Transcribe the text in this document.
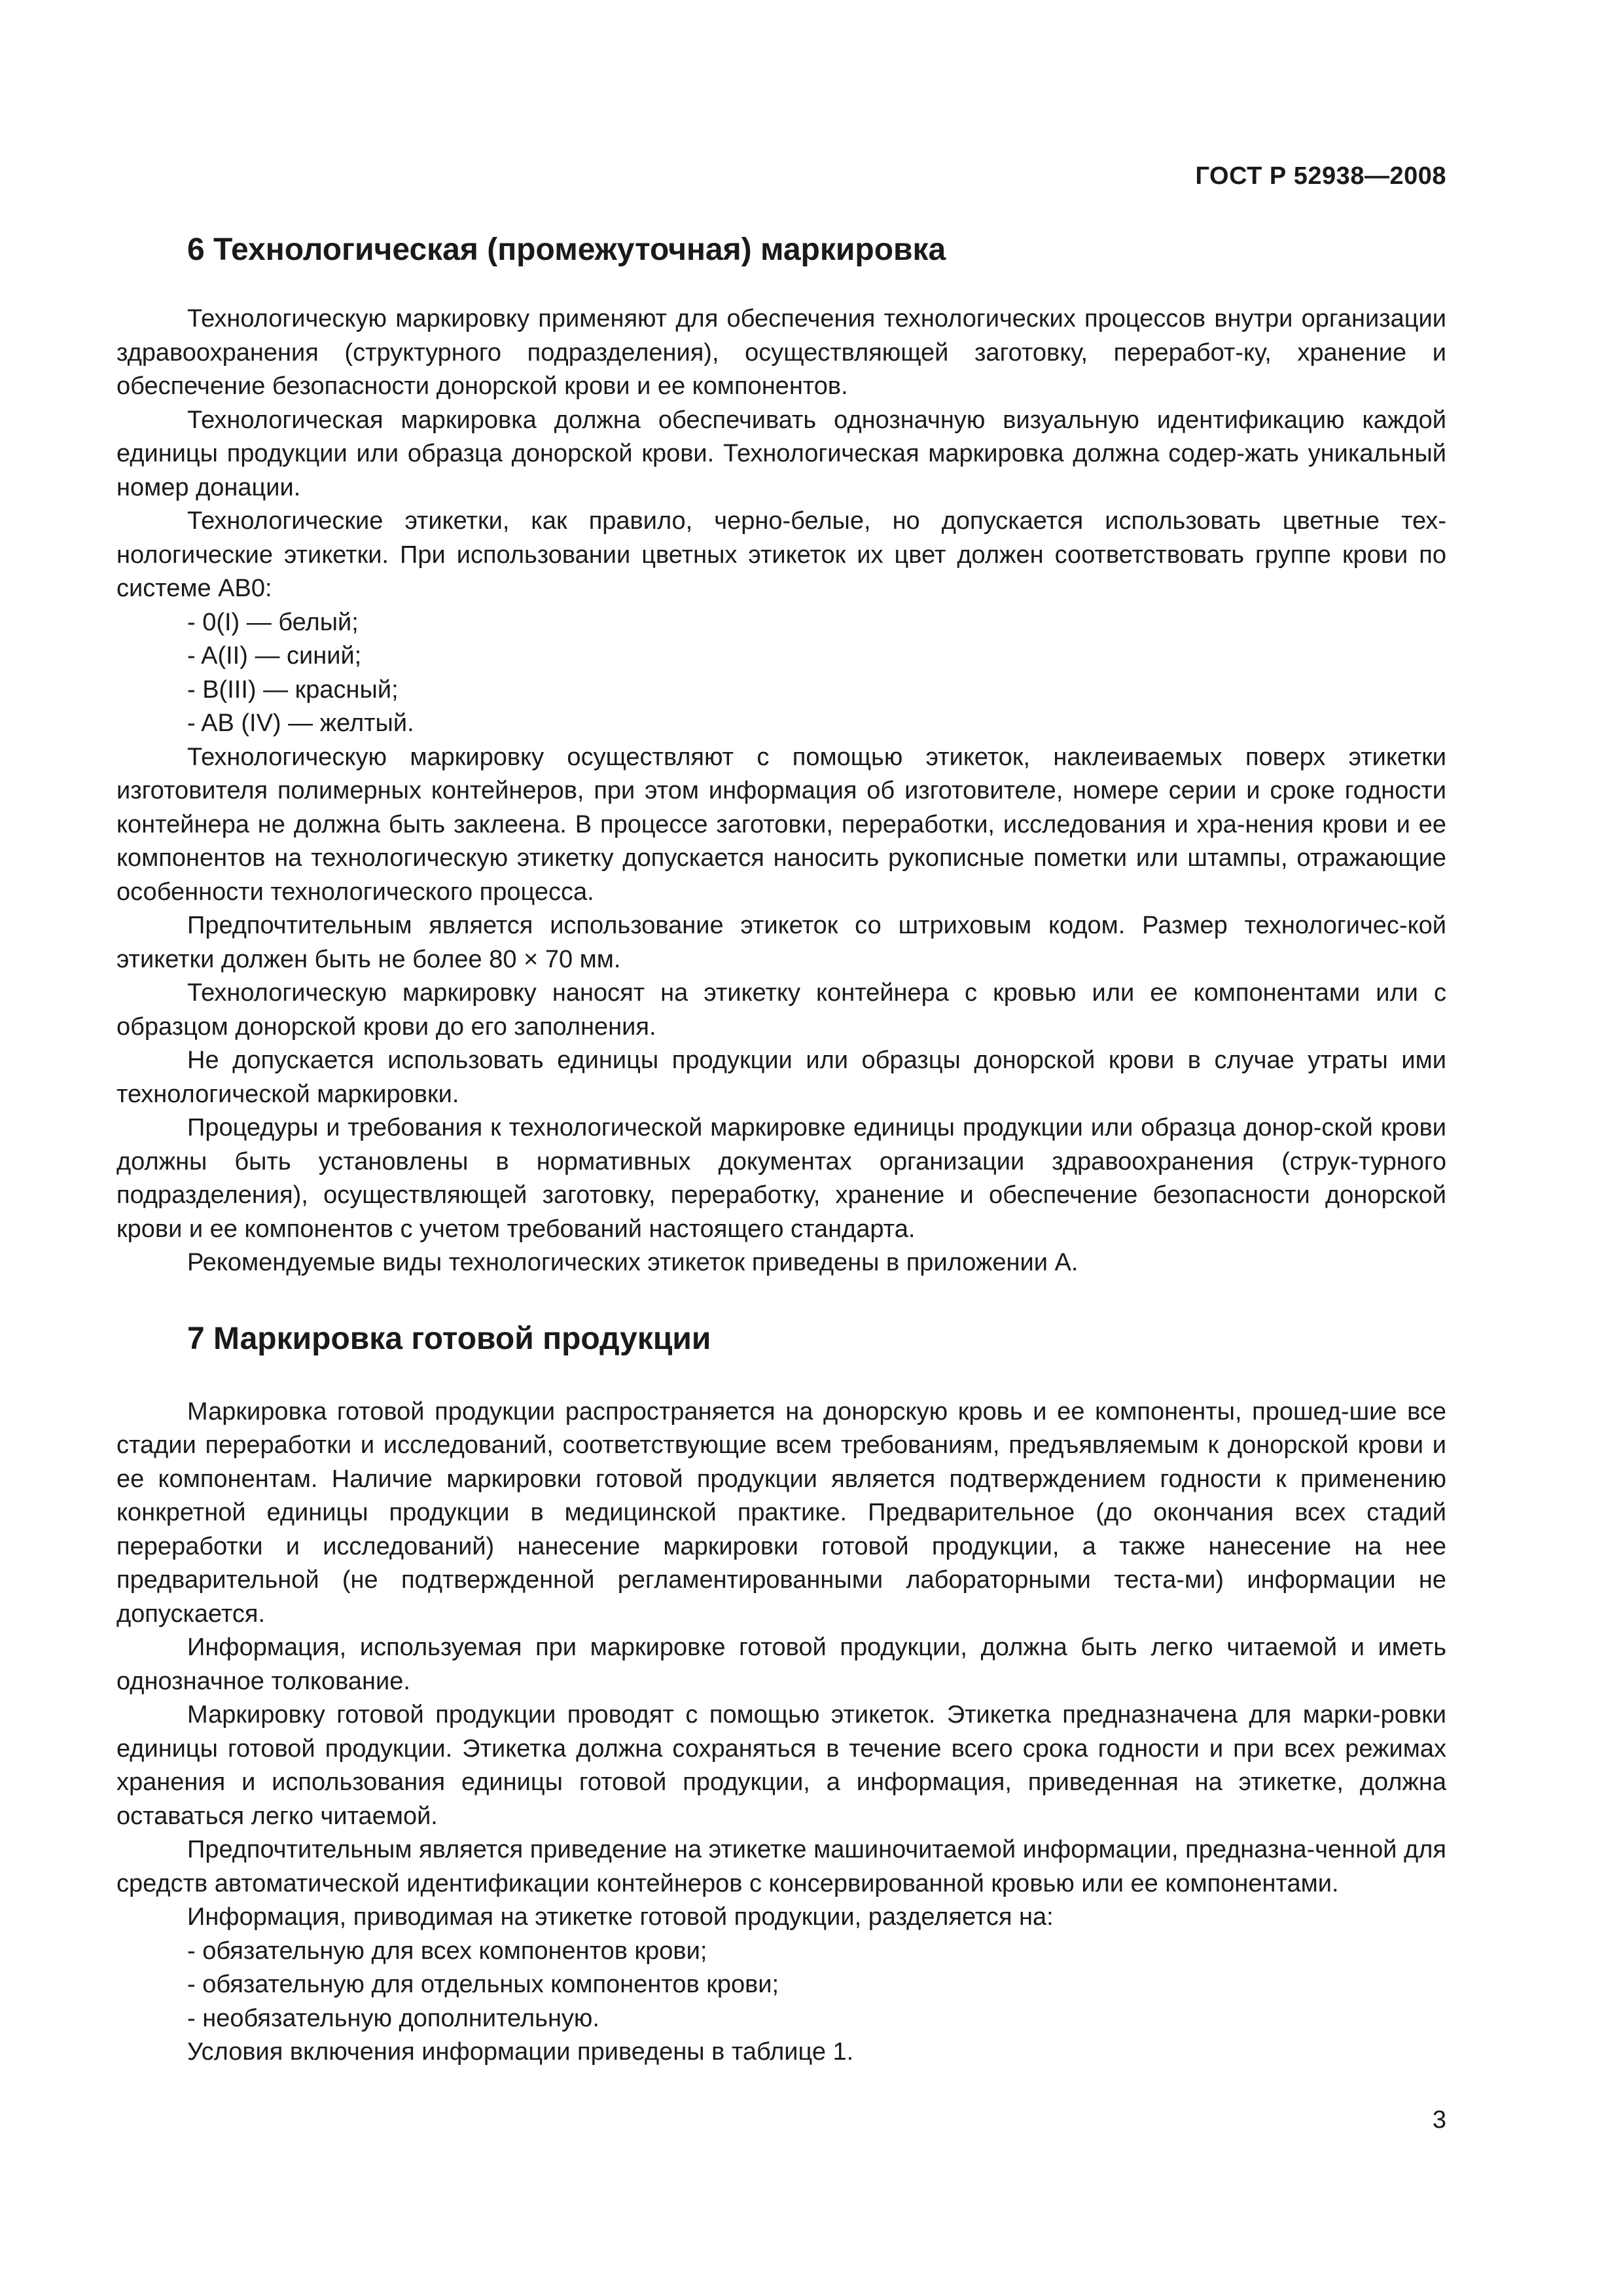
ГОСТ Р 52938—2008
6 Технологическая (промежуточная) маркировка

Технологическую маркировку применяют для обеспечения технологических процессов внутри организации здравоохранения (структурного подразделения), осуществляющей заготовку, переработ-ку, хранение и обеспечение безопасности донорской крови и ее компонентов.

Технологическая маркировка должна обеспечивать однозначную визуальную идентификацию каждой единицы продукции или образца донорской крови. Технологическая маркировка должна содер-жать уникальный номер донации.

Технологические этикетки, как правило, черно-белые, но допускается использовать цветные тех-нологические этикетки. При использовании цветных этикеток их цвет должен соответствовать группе крови по системе АВ0:

- 0(I) — белый;
- A(II) — синий;
- B(III) — красный;
- AB (IV) — желтый.

Технологическую маркировку осуществляют с помощью этикеток, наклеиваемых поверх этикетки изготовителя полимерных контейнеров, при этом информация об изготовителе, номере серии и сроке годности контейнера не должна быть заклеена. В процессе заготовки, переработки, исследования и хра-нения крови и ее компонентов на технологическую этикетку допускается наносить рукописные пометки или штампы, отражающие особенности технологического процесса.

Предпочтительным является использование этикеток со штриховым кодом. Размер технологичес-кой этикетки должен быть не более 80 × 70 мм.

Технологическую маркировку наносят на этикетку контейнера с кровью или ее компонентами или с образцом донорской крови до его заполнения.

Не допускается использовать единицы продукции или образцы донорской крови в случае утраты ими технологической маркировки.

Процедуры и требования к технологической маркировке единицы продукции или образца донор-ской крови должны быть установлены в нормативных документах организации здравоохранения (струк-турного подразделения), осуществляющей заготовку, переработку, хранение и обеспечение безопасности донорской крови и ее компонентов с учетом требований настоящего стандарта.

Рекомендуемые виды технологических этикеток приведены в приложении А.

7 Маркировка готовой продукции

Маркировка готовой продукции распространяется на донорскую кровь и ее компоненты, прошед-шие все стадии переработки и исследований, соответствующие всем требованиям, предъявляемым к донорской крови и ее компонентам. Наличие маркировки готовой продукции является подтверждением годности к применению конкретной единицы продукции в медицинской практике. Предварительное (до окончания всех стадий переработки и исследований) нанесение маркировки готовой продукции, а также нанесение на нее предварительной (не подтвержденной регламентированными лабораторными теста-ми) информации не допускается.

Информация, используемая при маркировке готовой продукции, должна быть легко читаемой и иметь однозначное толкование.

Маркировку готовой продукции проводят с помощью этикеток. Этикетка предназначена для марки-ровки единицы готовой продукции. Этикетка должна сохраняться в течение всего срока годности и при всех режимах хранения и использования единицы готовой продукции, а информация, приведенная на этикетке, должна оставаться легко читаемой.

Предпочтительным является приведение на этикетке машиночитаемой информации, предназна-ченной для средств автоматической идентификации контейнеров с консервированной кровью или ее компонентами.

Информация, приводимая на этикетке готовой продукции, разделяется на:

- обязательную для всех компонентов крови;
- обязательную для отдельных компонентов крови;
- необязательную дополнительную.

Условия включения информации приведены в таблице 1.

3
